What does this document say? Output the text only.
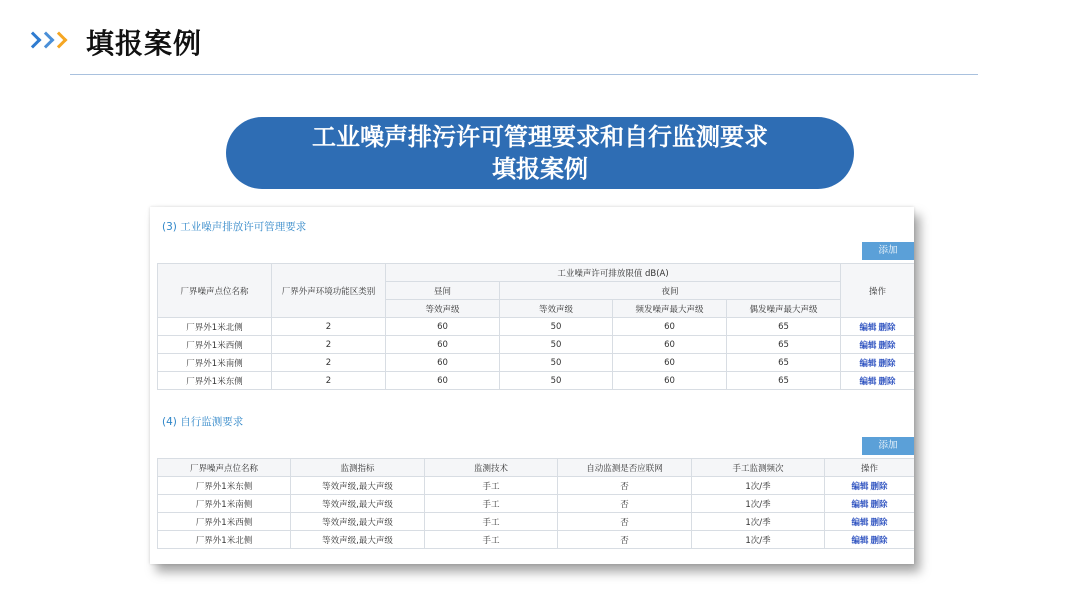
填报案例
工业噪声排污许可管理要求和自行监测要求
填报案例
(3) 工业噪声排放许可管理要求
添加
厂界噪声点位名称	厂界外声环境功能区类别	工业噪声许可排放限值 dB(A)				操作
		昼间	夜间			
		等效声级	等效声级	频发噪声最大声级	偶发噪声最大声级	
厂界外1米北侧	2	60	50	60	65	编辑 删除
厂界外1米西侧	2	60	50	60	65	编辑 删除
厂界外1米南侧	2	60	50	60	65	编辑 删除
厂界外1米东侧	2	60	50	60	65	编辑 删除
(4) 自行监测要求
添加
厂界噪声点位名称	监测指标	监测技术	自动监测是否应联网	手工监测频次	操作
厂界外1米东侧	等效声级,最大声级	手工	否	1次/季	编辑 删除
厂界外1米南侧	等效声级,最大声级	手工	否	1次/季	编辑 删除
厂界外1米西侧	等效声级,最大声级	手工	否	1次/季	编辑 删除
厂界外1米北侧	等效声级,最大声级	手工	否	1次/季	编辑 删除
